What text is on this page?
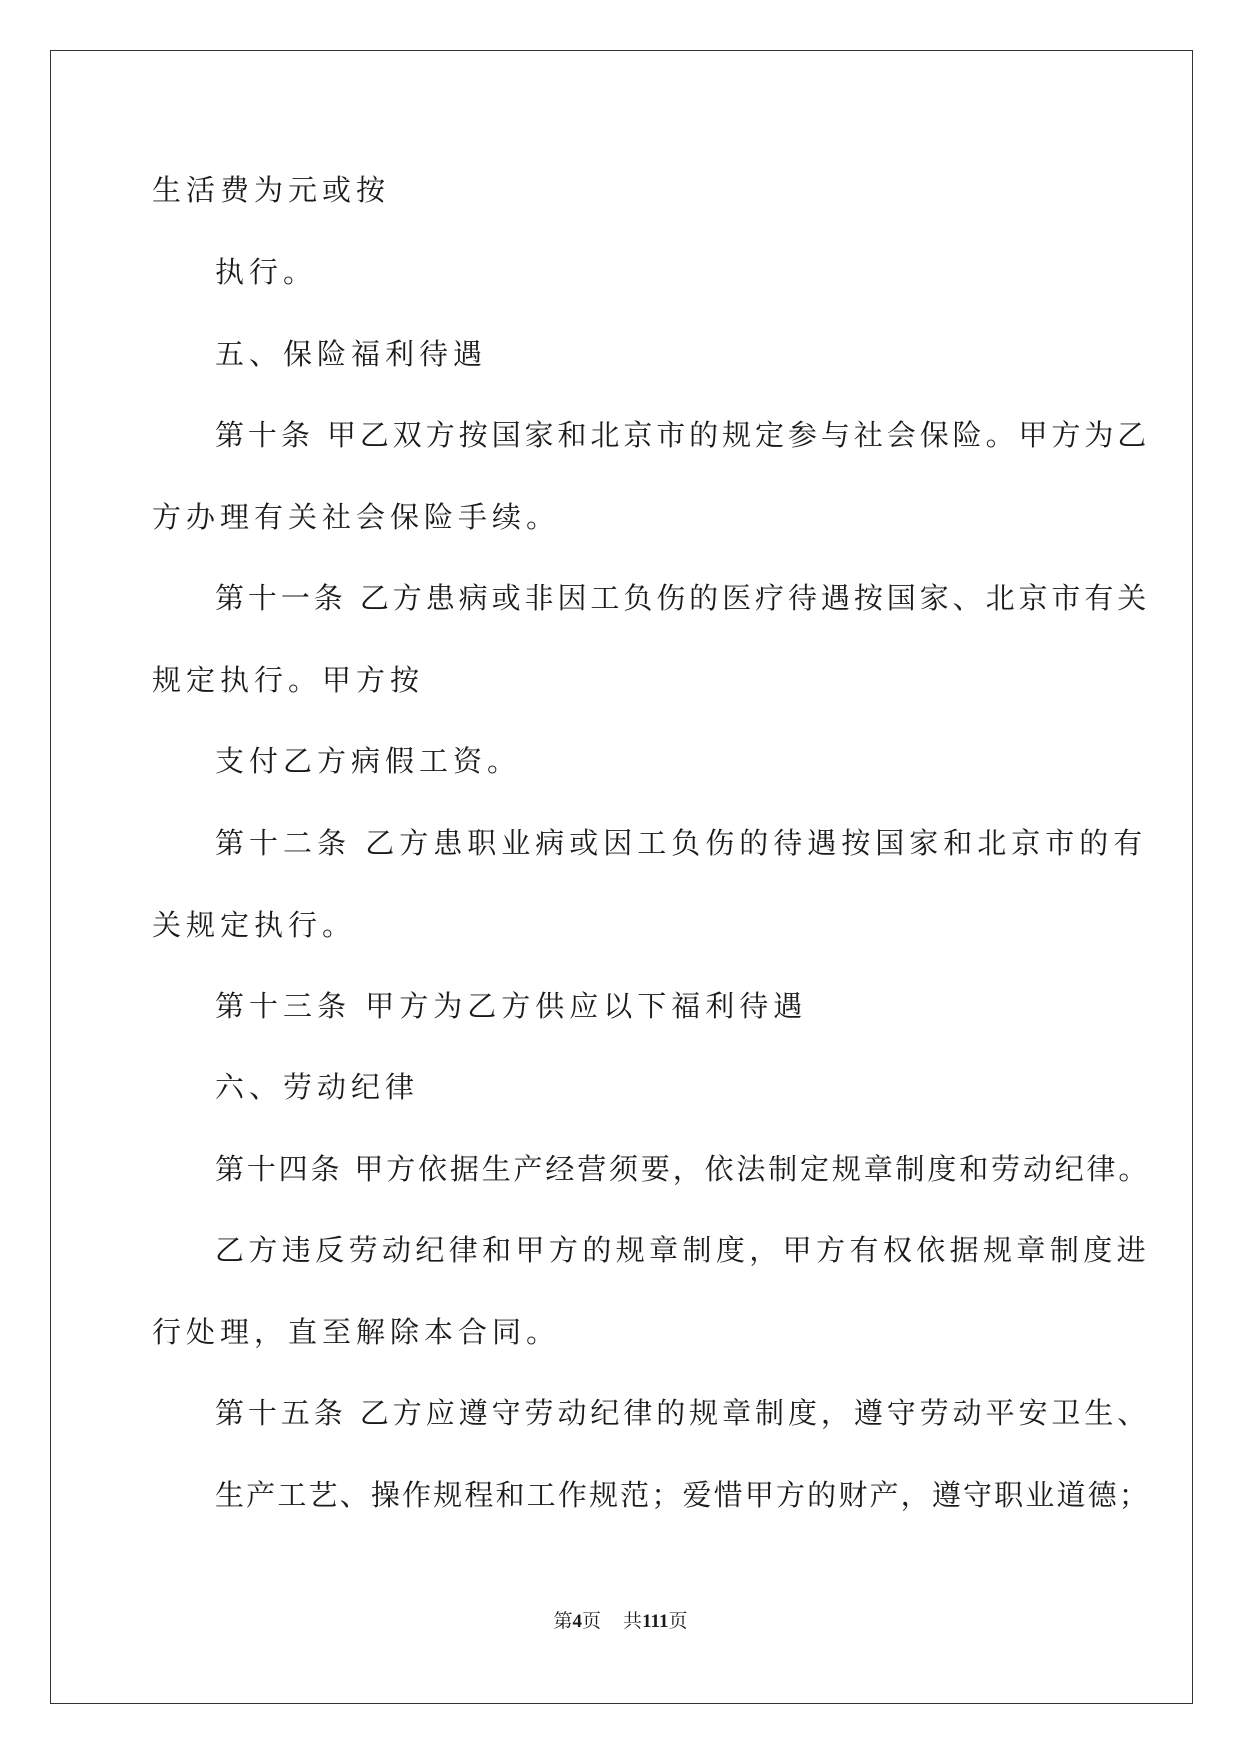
生活费为元或按
执行。
五、保险福利待遇
第十条 甲乙双方按国家和北京市的规定参与社会保险。甲方为乙
方办理有关社会保险手续。
第十一条 乙方患病或非因工负伤的医疗待遇按国家、北京市有关
规定执行。甲方按
支付乙方病假工资。
第十二条 乙方患职业病或因工负伤的待遇按国家和北京市的有
关规定执行。
第十三条 甲方为乙方供应以下福利待遇
六、劳动纪律
第十四条 甲方依据生产经营须要，依法制定规章制度和劳动纪律。
乙方违反劳动纪律和甲方的规章制度，甲方有权依据规章制度进
行处理，直至解除本合同。
第十五条 乙方应遵守劳动纪律的规章制度，遵守劳动平安卫生、
生产工艺、操作规程和工作规范；爱惜甲方的财产，遵守职业道德；
第4页 共111页
